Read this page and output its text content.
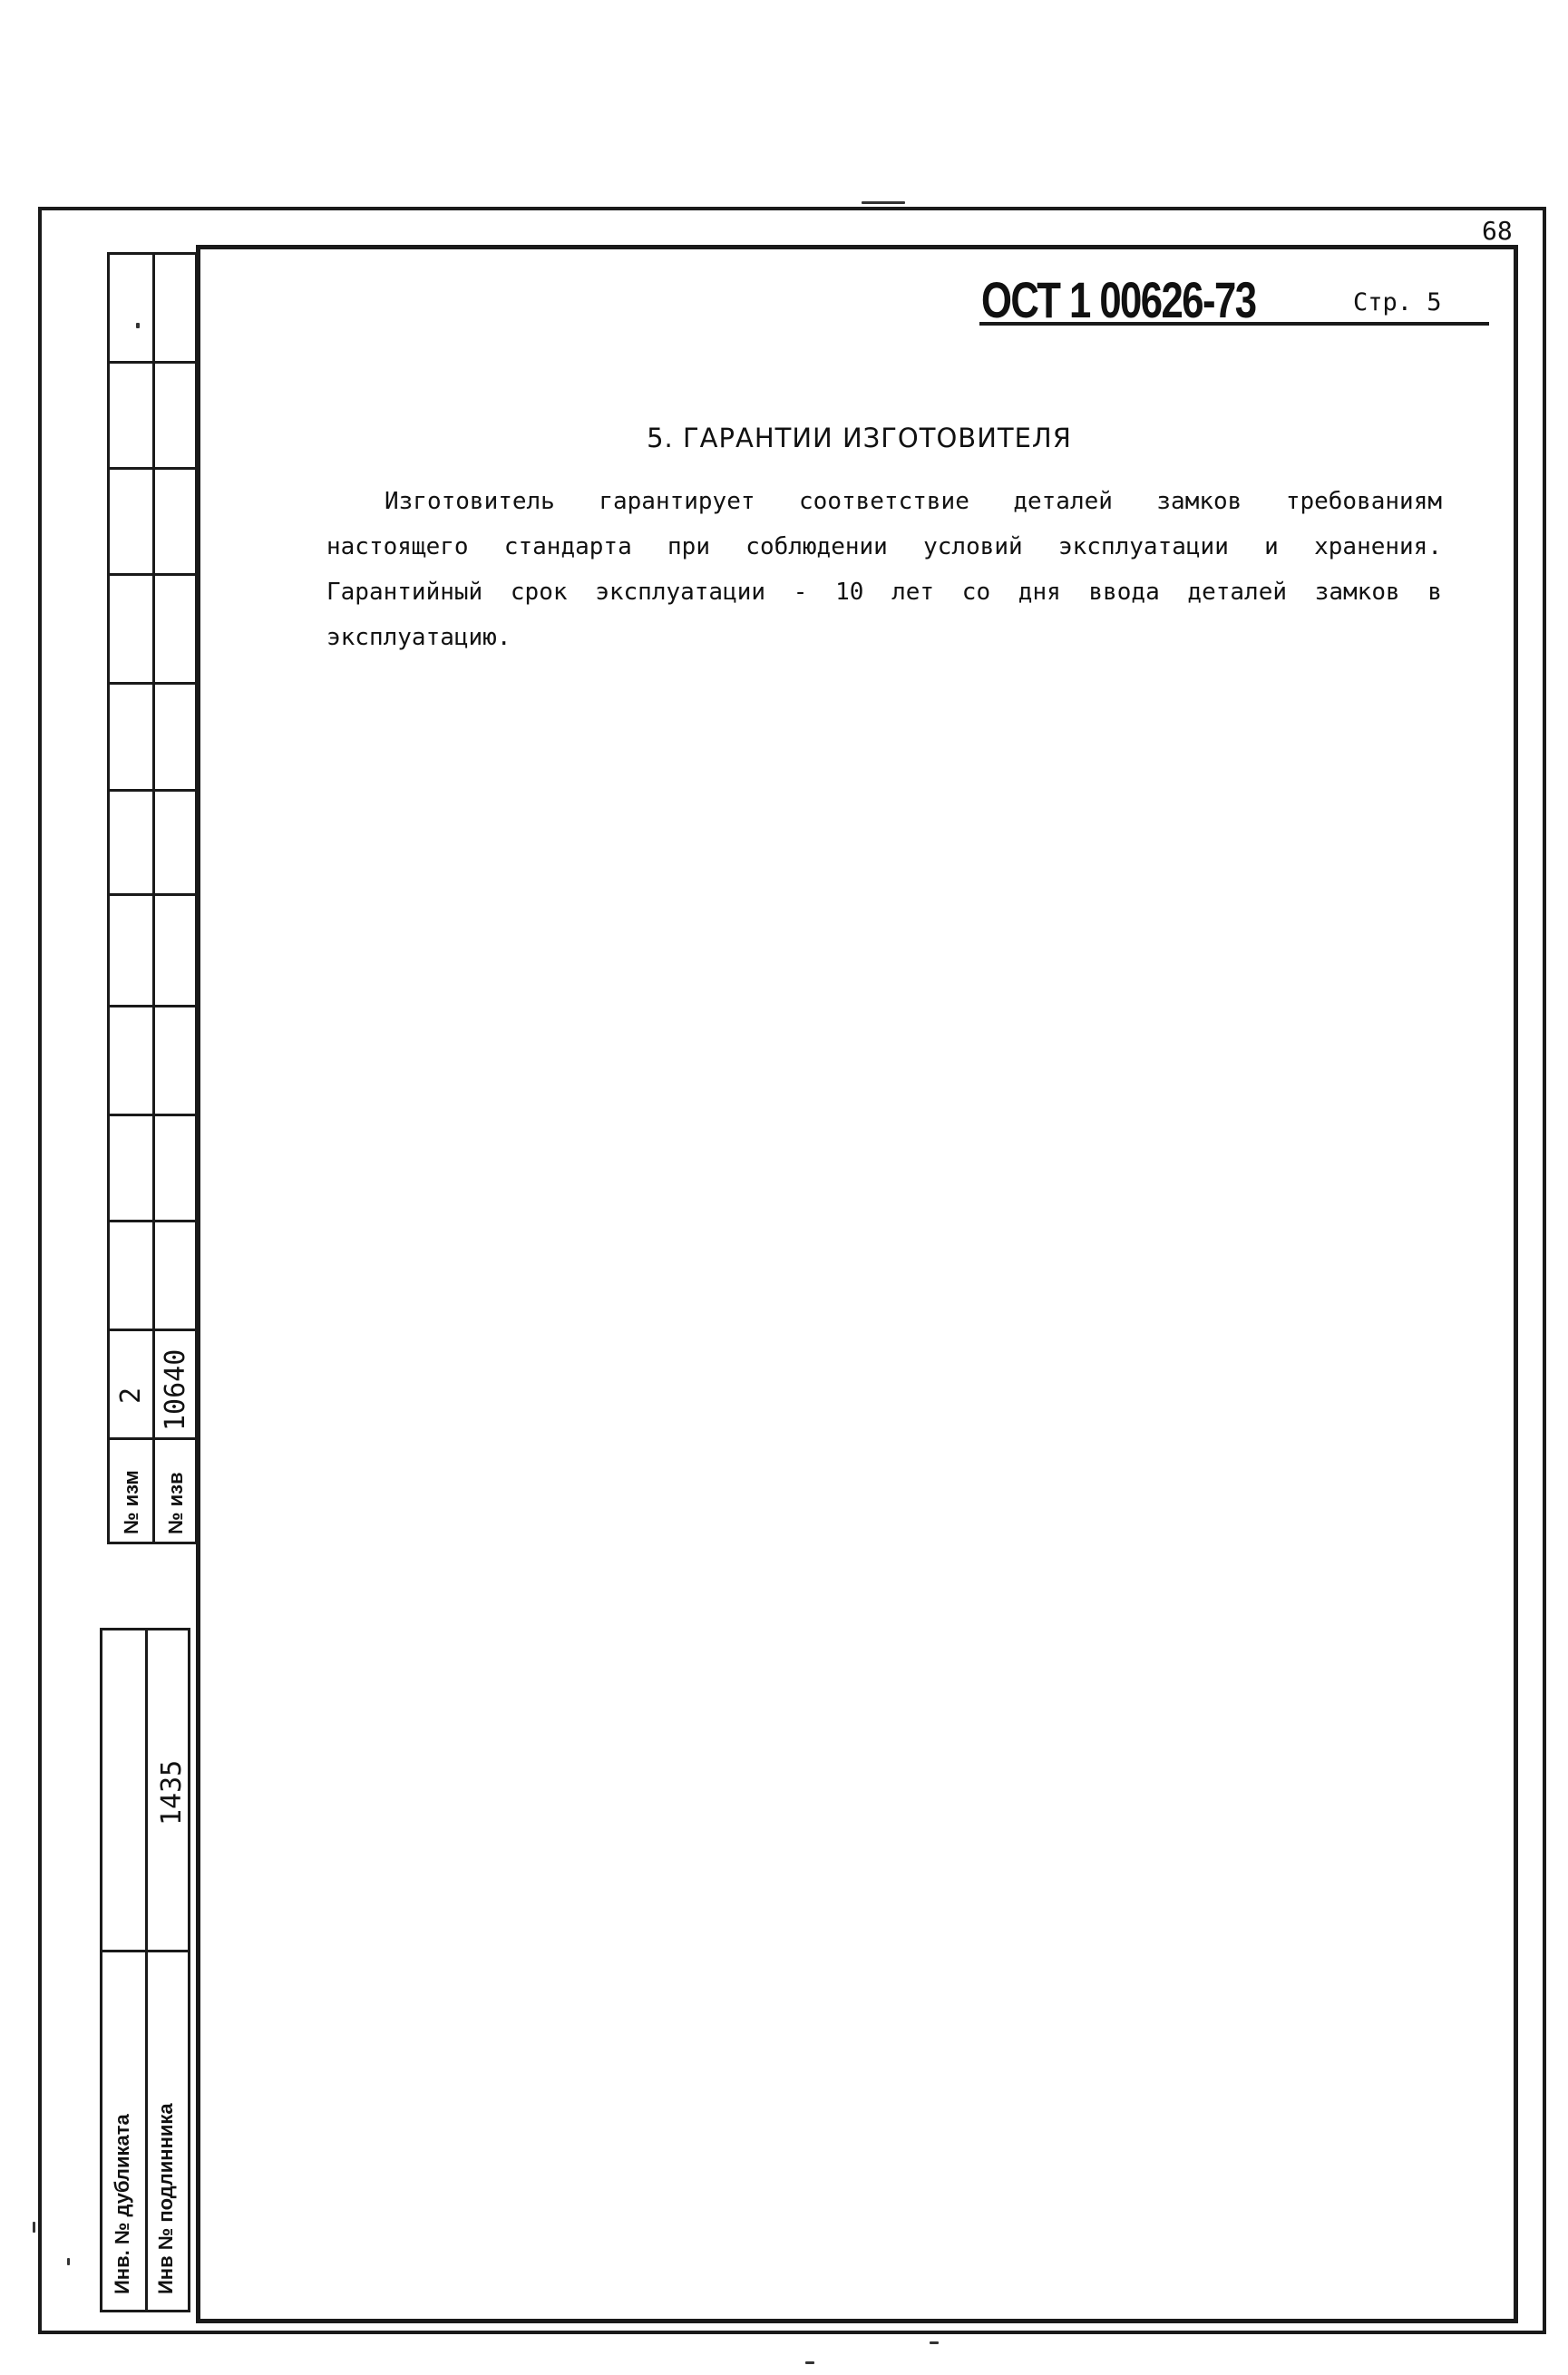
68
ОСТ 1 00626-73	Стр. 5
5. ГАРАНТИИ ИЗГОТОВИТЕЛЯ

Изготовитель гарантирует соответствие деталей замков требованиям настоящего стандарта при соблюдении условий эксплуатации и хранения. Гарантийный срок эксплуатации - 10 лет со дня ввода деталей замков в эксплуатацию.

№ изм
2
№ изв
10640
Инв. № дубликата Инв № подлинника
1435
